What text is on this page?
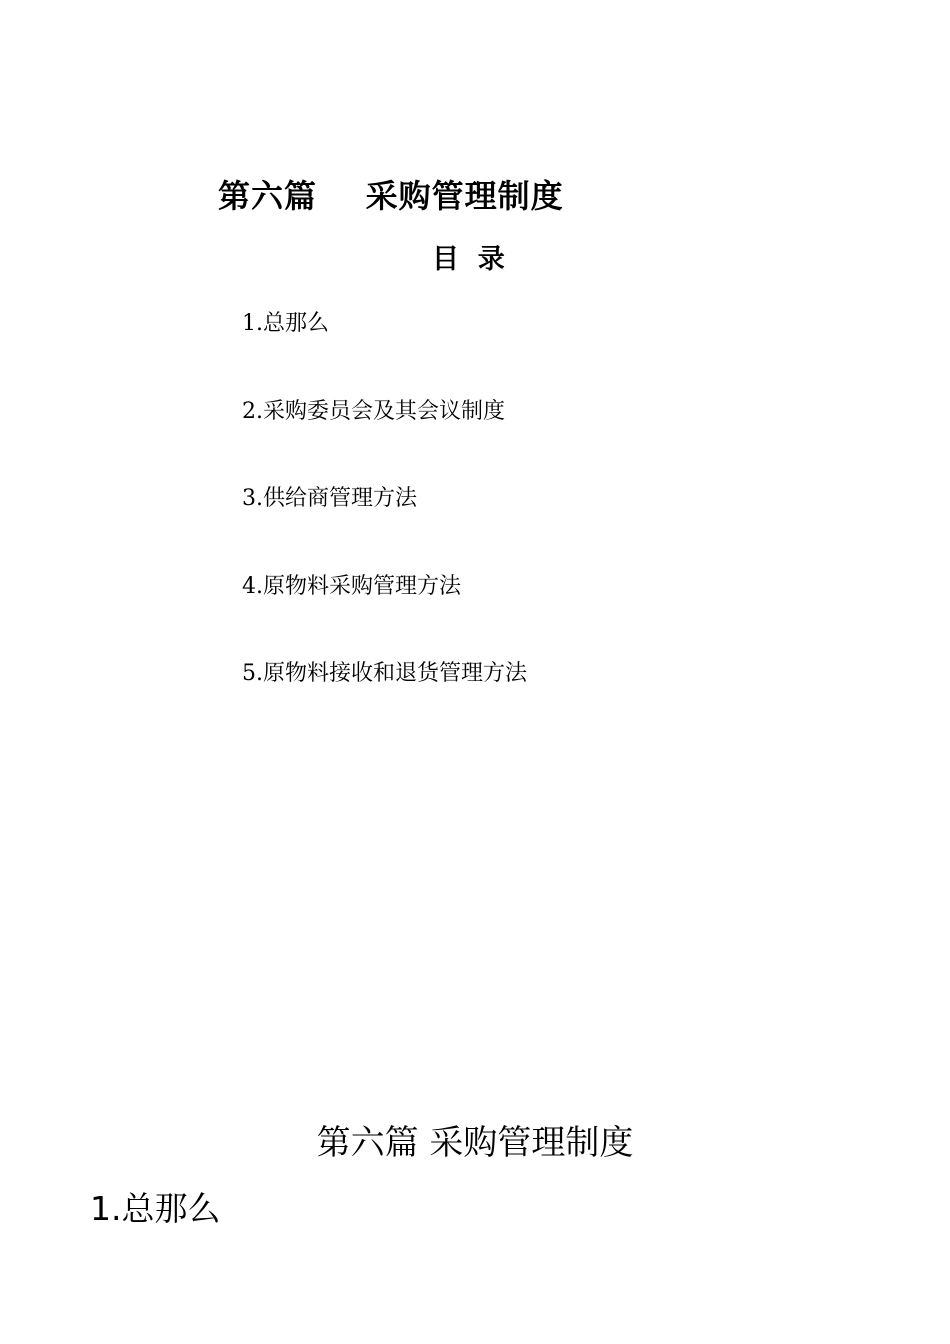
第六篇    采购管理制度
目  录
1.总那么
2.采购委员会及其会议制度
3.供给商管理方法
4.原物料采购管理方法
5.原物料接收和退货管理方法
第六篇 采购管理制度
1.总那么
